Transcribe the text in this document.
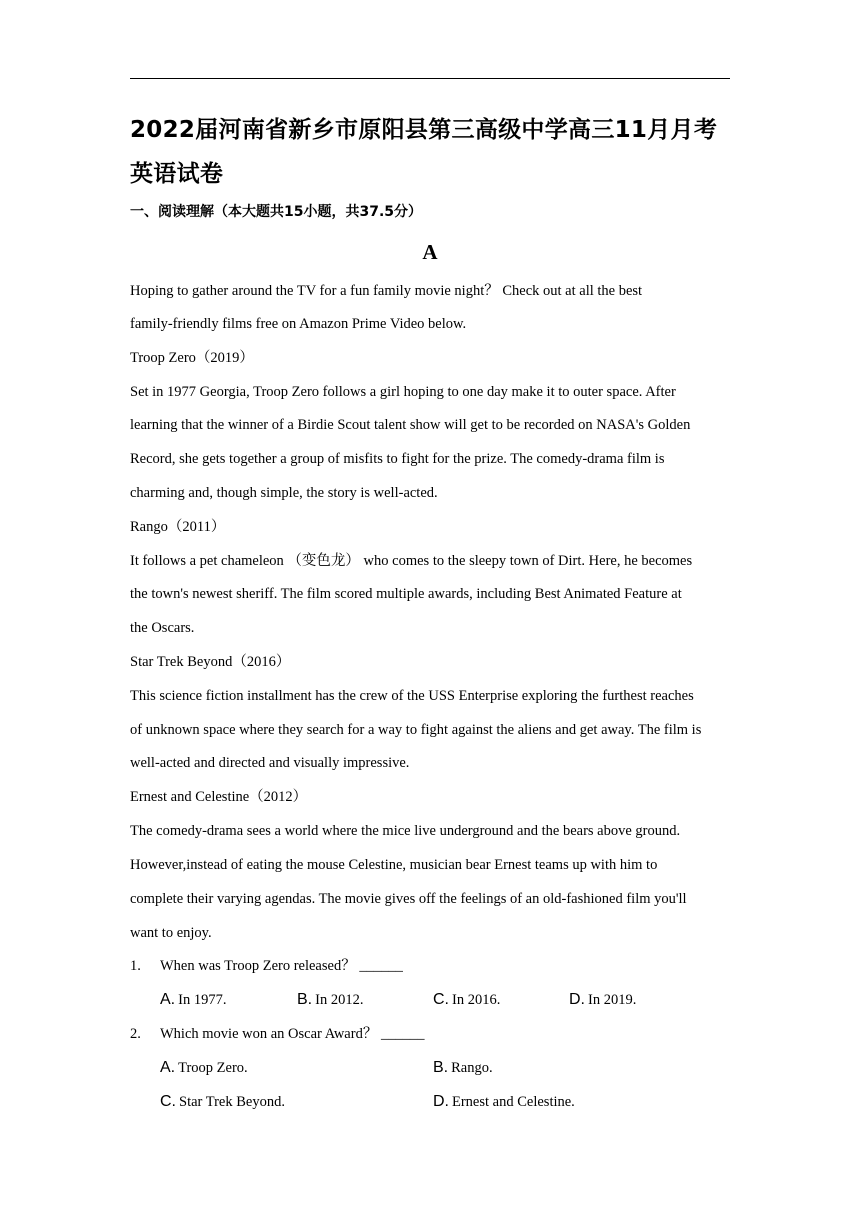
2022届河南省新乡市原阳县第三高级中学高三11月月考英语试卷
一、阅读理解（本大题共15小题，共37.5分）
A
Hoping to gather around the TV for a fun family movie night？ Check out at all the best
family-friendly films free on Amazon Prime Video below.
Troop Zero（2019）
Set in 1977 Georgia, Troop Zero follows a girl hoping to one day make it to outer space. After
learning that the winner of a Birdie Scout talent show will get to be recorded on NASA's Golden
Record, she gets together a group of misfits to fight for the prize. The comedy-drama film is
charming and, though simple, the story is well-acted.
Rango（2011）
It follows a pet chameleon （变色龙） who comes to the sleepy town of Dirt. Here, he becomes
the town's newest sheriff. The film scored multiple awards, including Best Animated Feature at
the Oscars.
Star Trek Beyond（2016）
This science fiction installment has the crew of the USS Enterprise exploring the furthest reaches
of unknown space where they search for a way to fight against the aliens and get away. The film is
well-acted and directed and visually impressive.
Ernest and Celestine（2012）
The comedy-drama sees a world where the mice live underground and the bears above ground.
However,instead of eating the mouse Celestine, musician bear Ernest teams up with him to
complete their varying agendas. The movie gives off the feelings of an old-fashioned film you'll
want to enjoy.
1. When was Troop Zero released？ ______
A. In 1977.	B. In 2012.	C. In 2016.	D. In 2019.
2. Which movie won an Oscar Award？ ______
A. Troop Zero.	B. Rango.
C. Star Trek Beyond.	D. Ernest and Celestine.
